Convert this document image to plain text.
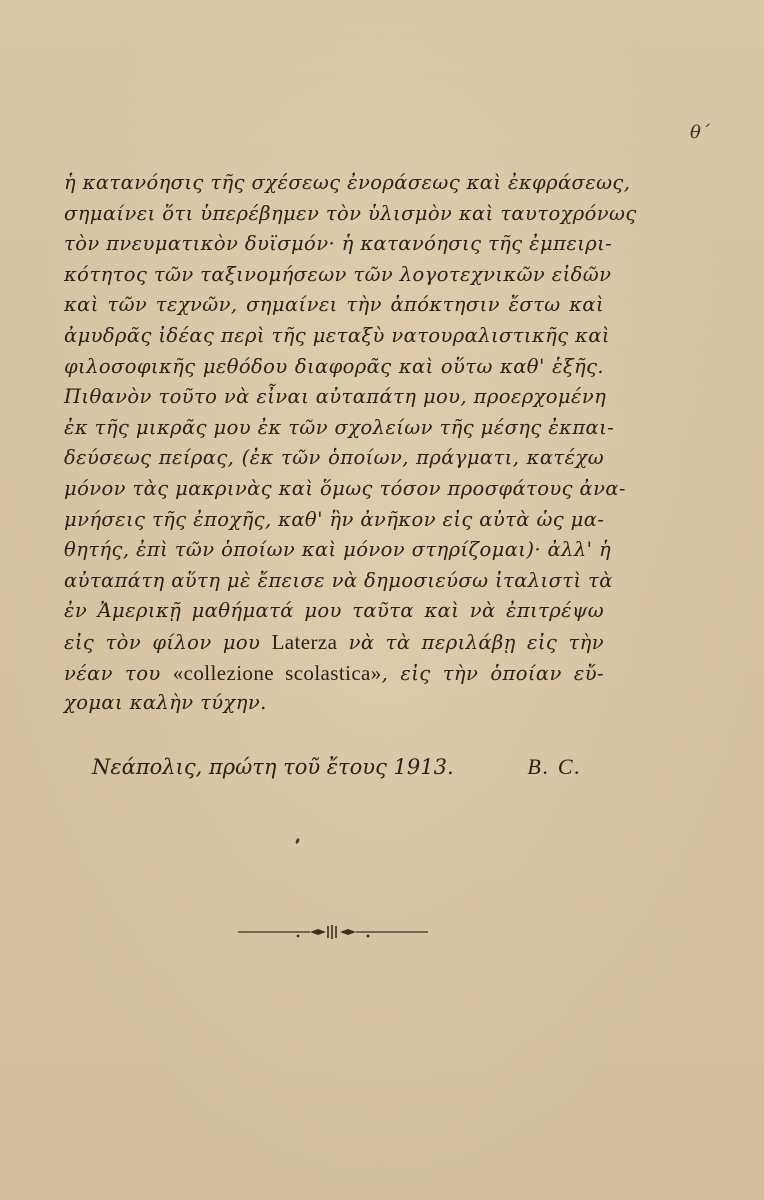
θ΄
ἡ κατανόησις τῆς σχέσεως ἐνοράσεως καὶ ἐκφράσεως,
σημαίνει ὅτι ὑπερέβημεν τὸν ὑλισμὸν καὶ ταυτοχρόνως
τὸν πνευματικὸν δυϊσμόν· ἡ κατανόησις τῆς ἐμπειρι-
κότητος τῶν ταξινομήσεων τῶν λογοτεχνικῶν εἰδῶν
καὶ τῶν τεχνῶν, σημαίνει τὴν ἀπόκτησιν ἔστω καὶ
ἀμυδρᾶς ἰδέας περὶ τῆς μεταξὺ νατουραλιστικῆς καὶ
φιλοσοφικῆς μεθόδου διαφορᾶς καὶ οὕτω καθ' ἑξῆς.
Πιθανὸν τοῦτο νὰ εἶναι αὐταπάτη μου, προερχομένη
ἐκ τῆς μικρᾶς μου ἐκ τῶν σχολείων τῆς μέσης ἐκπαι-
δεύσεως πείρας, (ἐκ τῶν ὁποίων, πράγματι, κατέχω
μόνον τὰς μακρινὰς καὶ ὅμως τόσον προσφάτους ἀνα-
μνήσεις τῆς ἐποχῆς, καθ' ἣν ἀνῆκον εἰς αὐτὰ ὡς μα-
θητής, ἐπὶ τῶν ὁποίων καὶ μόνον στηρίζομαι)· ἀλλ' ἡ
αὐταπάτη αὕτη μὲ ἔπεισε νὰ δημοσιεύσω ἰταλιστὶ τὰ
ἐν Ἀμερικῇ μαθήματά μου ταῦτα καὶ νὰ ἐπιτρέψω
εἰς τὸν φίλον μου Laterza νὰ τὰ περιλάβῃ εἰς τὴν
νέαν του «collezione scolastica», εἰς τὴν ὁποίαν εὔ-
χομαι καλὴν τύχην.
Νεάπολις, πρώτη τοῦ ἔτους 1913.	B. C.
